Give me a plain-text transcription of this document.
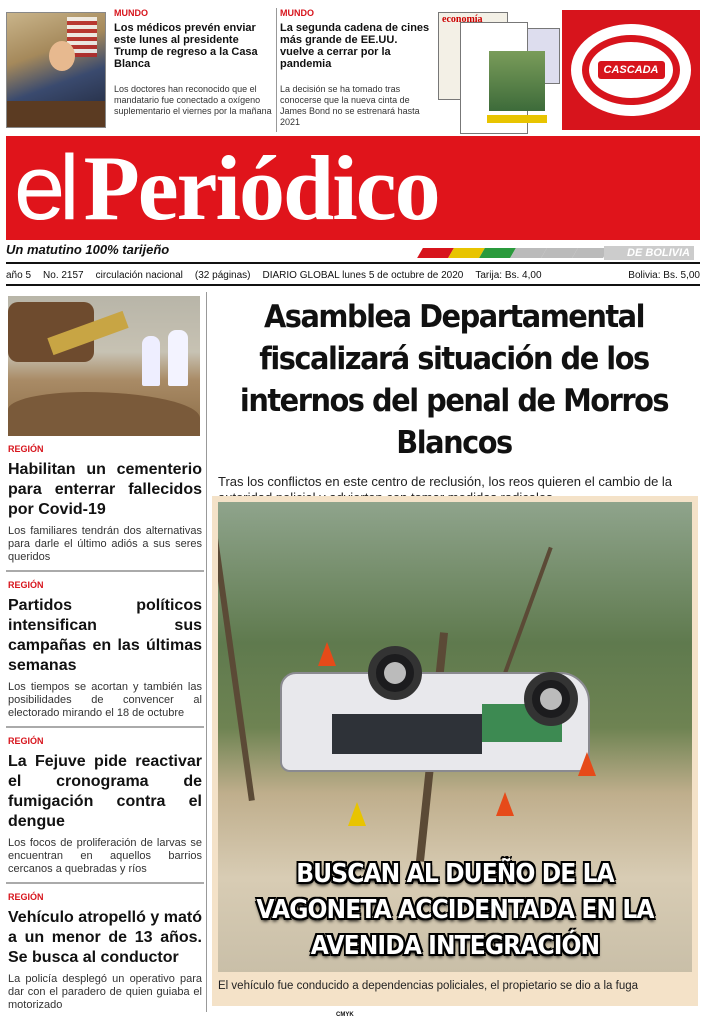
MUNDO
Los médicos prevén enviar este lunes al presidente Trump de regreso a la Casa Blanca
Los doctores han reconocido que el mandatario fue conectado a oxígeno suplementario el viernes por la mañana
MUNDO
La segunda cadena de cines más grande de EE.UU. vuelve a cerrar por la pandemia
La decisión se ha tomado tras conocerse que la nueva cinta de James Bond no se estrenará hasta 2021
economía
CASCADA
el Periódico
Un matutino 100% tarijeño	DE BOLIVIA
año 5 No. 2157 circulación nacional (32 páginas) DIARIO GLOBAL lunes 5 de octubre de 2020 Tarija: Bs. 4,00	Bolivia: Bs. 5,00
REGIÓN
Habilitan un cementerio para enterrar fallecidos por Covid-19
Los familiares tendrán dos alternativas para darle el último adiós a sus seres queridos
REGIÓN
Partidos políticos intensifican sus campañas en las últimas semanas
Los tiempos se acortan y también las posibilidades de convencer al electorado mirando el 18 de octubre
REGIÓN
La Fejuve pide reactivar el cronograma de fumigación contra el dengue
Los focos de proliferación de larvas se encuentran en aquellos barrios cercanos a quebradas y ríos
REGIÓN
Vehículo atropelló y mató a un menor de 13 años. Se busca al conductor
La policía desplegó un operativo para dar con el paradero de quien guiaba el motorizado
Asamblea Departamental fiscalizará situación de los internos del penal de Morros Blancos
Tras los conflictos en este centro de reclusión, los reos quieren el cambio de la
BUSCAN AL DUEÑO DE LA VAGONETA ACCIDENTADA EN LA AVENIDA INTEGRACIÓN
El vehículo fue conducido a dependencias policiales, el propietario se dio a la fuga
CMYK
